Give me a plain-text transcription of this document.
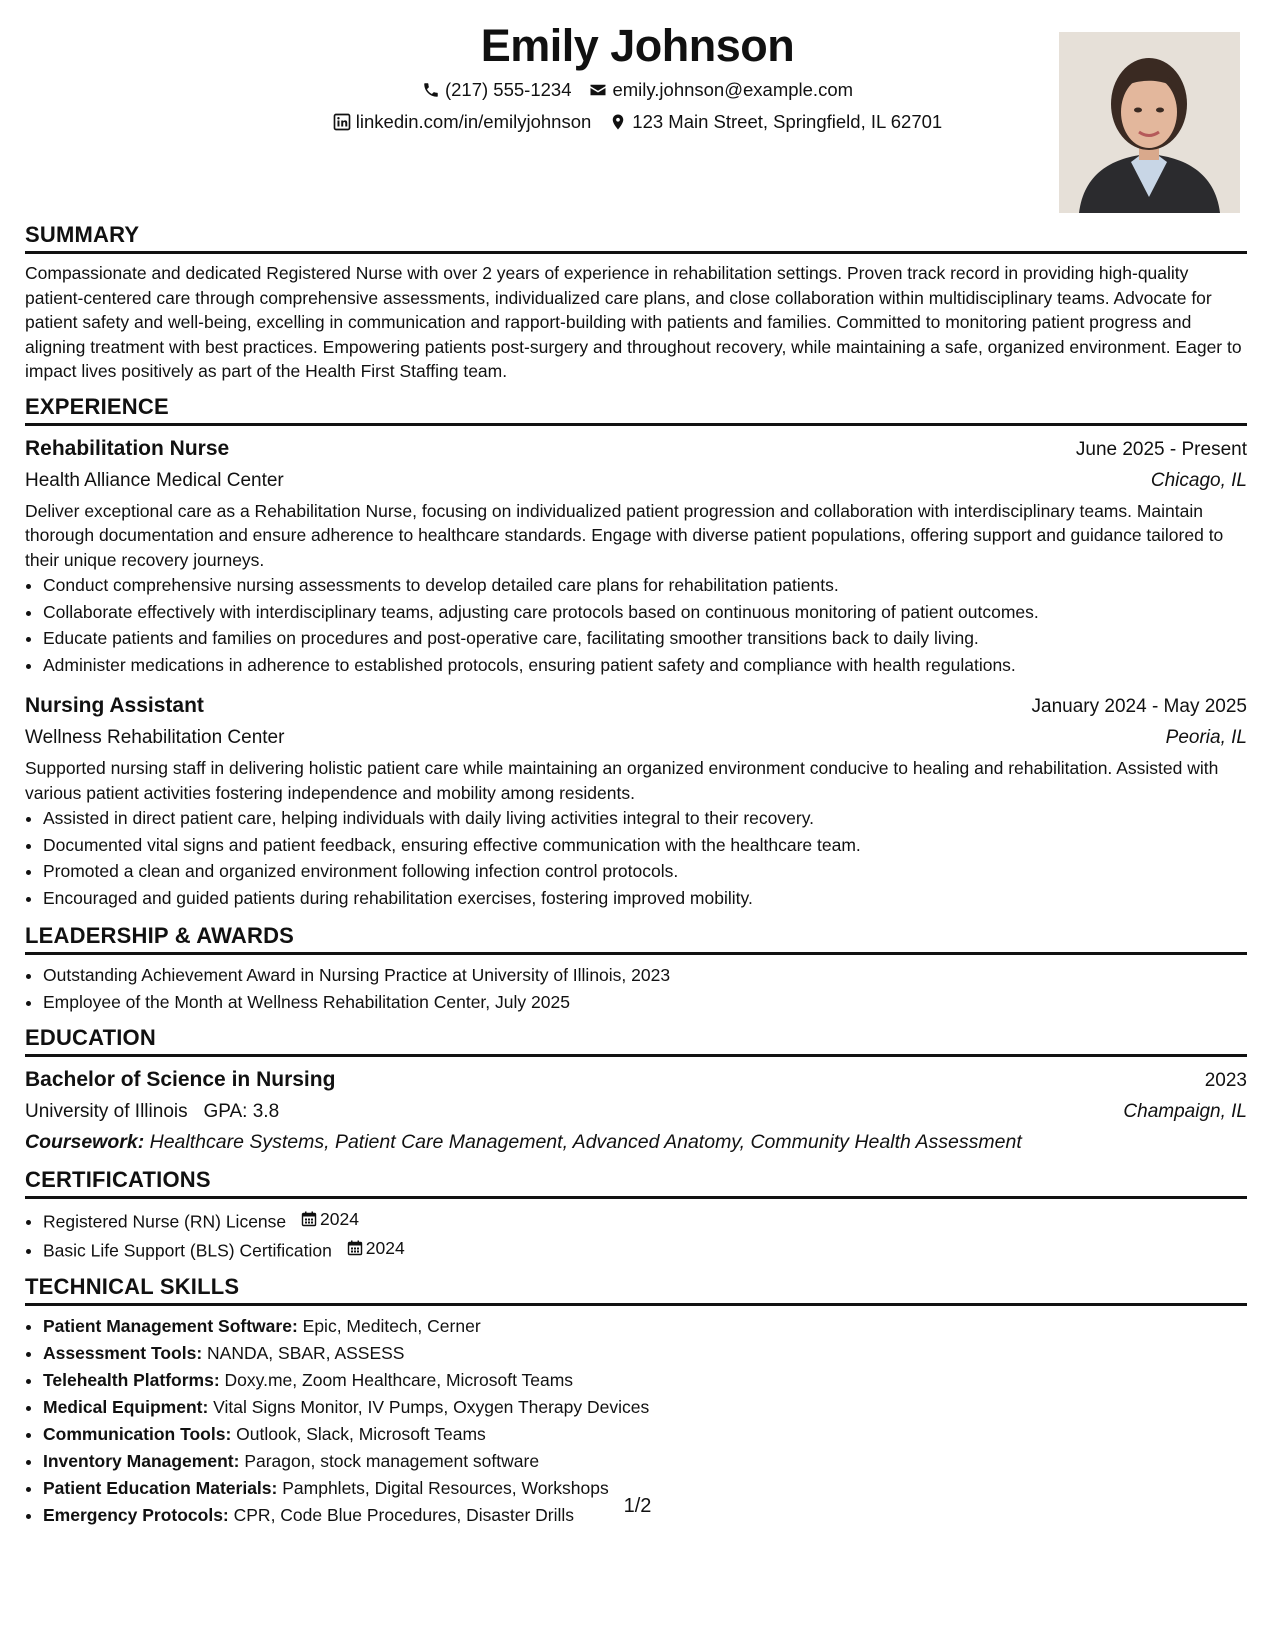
Emily Johnson
(217) 555-1234 emily.johnson@example.com
linkedin.com/in/emilyjohnson 123 Main Street, Springfield, IL 62701
SUMMARY
Compassionate and dedicated Registered Nurse with over 2 years of experience in rehabilitation settings. Proven track record in providing high-quality patient-centered care through comprehensive assessments, individualized care plans, and close collaboration within multidisciplinary teams. Advocate for patient safety and well-being, excelling in communication and rapport-building with patients and families. Committed to monitoring patient progress and aligning treatment with best practices. Empowering patients post-surgery and throughout recovery, while maintaining a safe, organized environment. Eager to impact lives positively as part of the Health First Staffing team.
EXPERIENCE
Rehabilitation Nurse	June 2025 - Present
Health Alliance Medical Center	Chicago, IL
Deliver exceptional care as a Rehabilitation Nurse, focusing on individualized patient progression and collaboration with interdisciplinary teams. Maintain thorough documentation and ensure adherence to healthcare standards. Engage with diverse patient populations, offering support and guidance tailored to their unique recovery journeys.
• Conduct comprehensive nursing assessments to develop detailed care plans for rehabilitation patients.
• Collaborate effectively with interdisciplinary teams, adjusting care protocols based on continuous monitoring of patient outcomes.
• Educate patients and families on procedures and post-operative care, facilitating smoother transitions back to daily living.
• Administer medications in adherence to established protocols, ensuring patient safety and compliance with health regulations.
Nursing Assistant	January 2024 - May 2025
Wellness Rehabilitation Center	Peoria, IL
Supported nursing staff in delivering holistic patient care while maintaining an organized environment conducive to healing and rehabilitation. Assisted with various patient activities fostering independence and mobility among residents.
• Assisted in direct patient care, helping individuals with daily living activities integral to their recovery.
• Documented vital signs and patient feedback, ensuring effective communication with the healthcare team.
• Promoted a clean and organized environment following infection control protocols.
• Encouraged and guided patients during rehabilitation exercises, fostering improved mobility.
LEADERSHIP & AWARDS
• Outstanding Achievement Award in Nursing Practice at University of Illinois, 2023
• Employee of the Month at Wellness Rehabilitation Center, July 2025
EDUCATION
Bachelor of Science in Nursing	2023
University of Illinois GPA: 3.8	Champaign, IL
Coursework: Healthcare Systems, Patient Care Management, Advanced Anatomy, Community Health Assessment
CERTIFICATIONS
• Registered Nurse (RN) License 2024
• Basic Life Support (BLS) Certification 2024
TECHNICAL SKILLS
• Patient Management Software: Epic, Meditech, Cerner
• Assessment Tools: NANDA, SBAR, ASSESS
• Telehealth Platforms: Doxy.me, Zoom Healthcare, Microsoft Teams
• Medical Equipment: Vital Signs Monitor, IV Pumps, Oxygen Therapy Devices
• Communication Tools: Outlook, Slack, Microsoft Teams
• Inventory Management: Paragon, stock management software
• Patient Education Materials: Pamphlets, Digital Resources, Workshops
• Emergency Protocols: CPR, Code Blue Procedures, Disaster Drills	1/2
